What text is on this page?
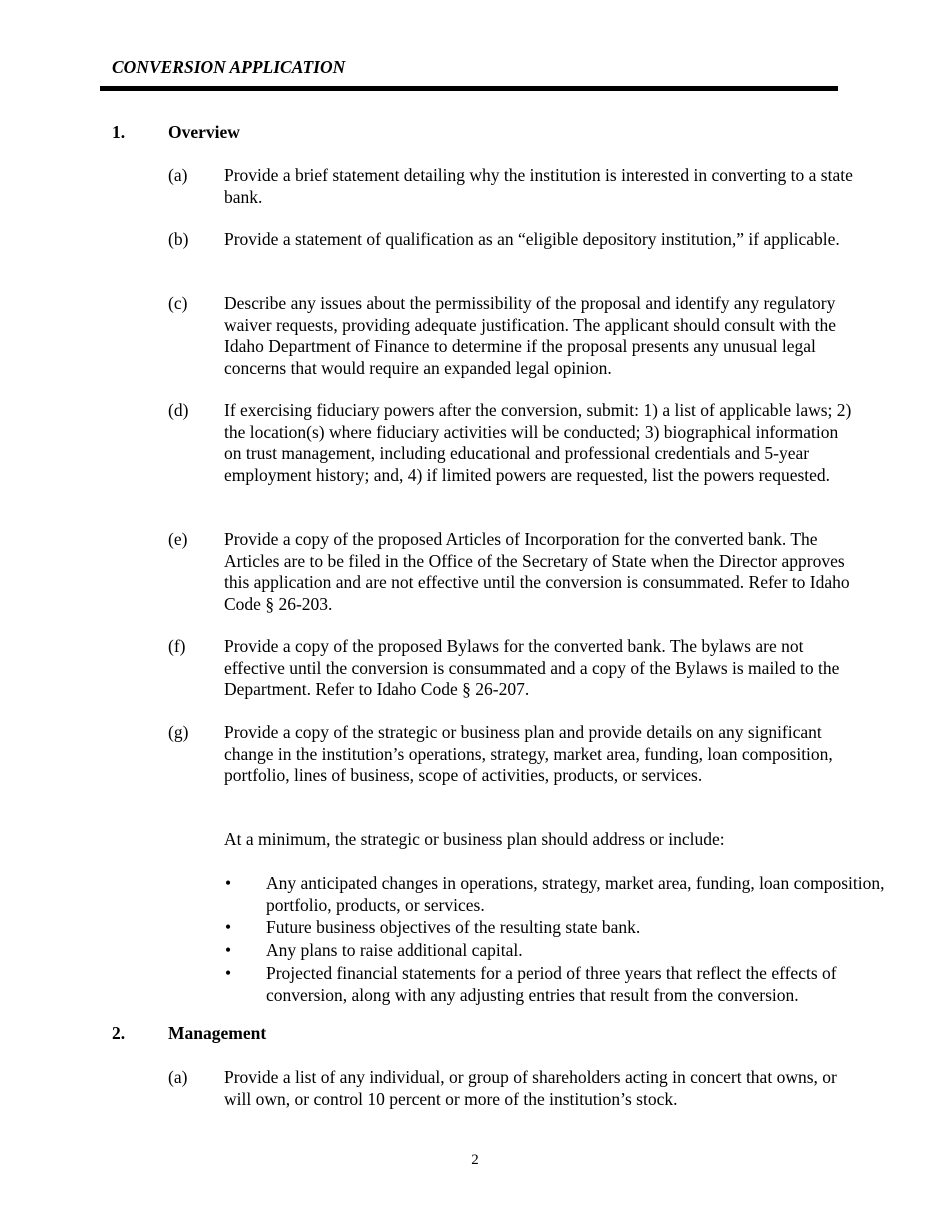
CONVERSION APPLICATION
1. Overview
(a) Provide a brief statement detailing why the institution is interested in converting to a state bank.
(b) Provide a statement of qualification as an “eligible depository institution,” if applicable.
(c) Describe any issues about the permissibility of the proposal and identify any regulatory waiver requests, providing adequate justification. The applicant should consult with the Idaho Department of Finance to determine if the proposal presents any unusual legal concerns that would require an expanded legal opinion.
(d) If exercising fiduciary powers after the conversion, submit: 1) a list of applicable laws; 2) the location(s) where fiduciary activities will be conducted; 3) biographical information on trust management, including educational and professional credentials and 5-year employment history; and, 4) if limited powers are requested, list the powers requested.
(e) Provide a copy of the proposed Articles of Incorporation for the converted bank. The Articles are to be filed in the Office of the Secretary of State when the Director approves this application and are not effective until the conversion is consummated. Refer to Idaho Code § 26-203.
(f) Provide a copy of the proposed Bylaws for the converted bank. The bylaws are not effective until the conversion is consummated and a copy of the Bylaws is mailed to the Department. Refer to Idaho Code § 26-207.
(g) Provide a copy of the strategic or business plan and provide details on any significant change in the institution’s operations, strategy, market area, funding, loan composition, portfolio, lines of business, scope of activities, products, or services.
At a minimum, the strategic or business plan should address or include:
• Any anticipated changes in operations, strategy, market area, funding, loan composition, portfolio, products, or services.
• Future business objectives of the resulting state bank.
• Any plans to raise additional capital.
• Projected financial statements for a period of three years that reflect the effects of conversion, along with any adjusting entries that result from the conversion.
2. Management
(a) Provide a list of any individual, or group of shareholders acting in concert that owns, or will own, or control 10 percent or more of the institution’s stock.
2
